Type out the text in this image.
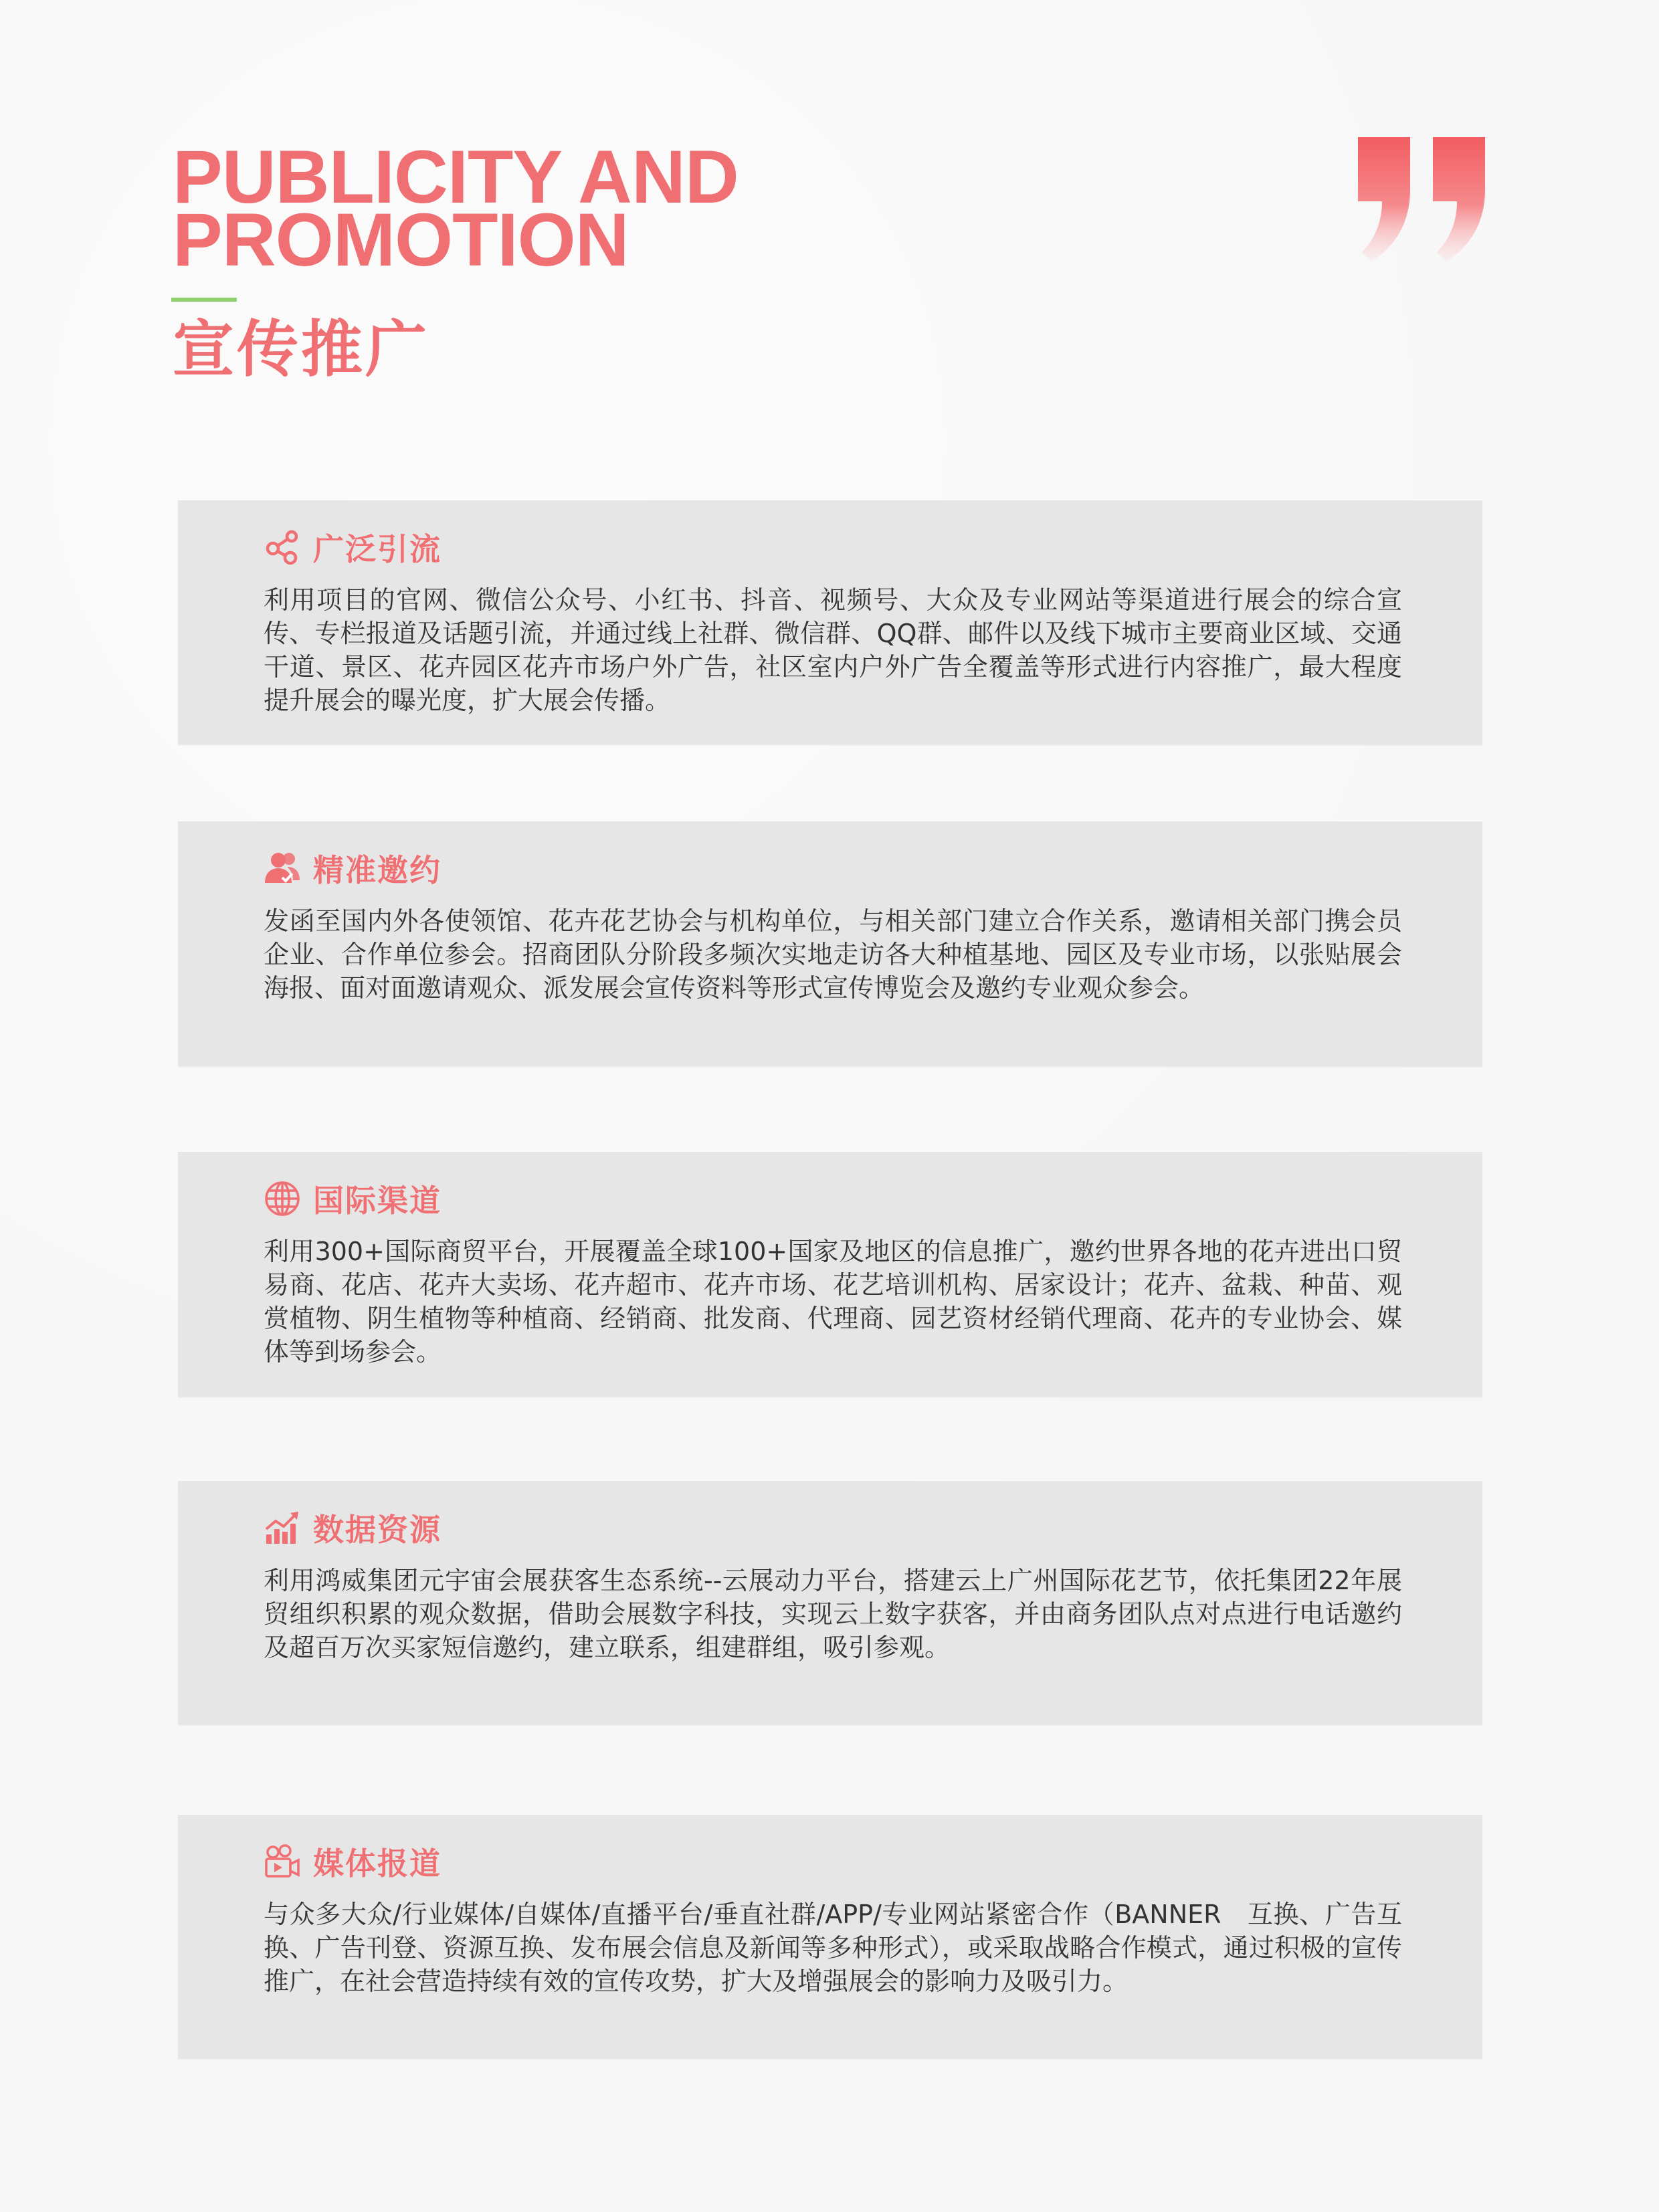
PUBLICITY AND
PROMOTION
宣传推广
广泛引流

利用项目的官网、微信公众号、小红书、抖音、视频号、大众及专业网站等渠道进行展会的综合宣传、专栏报道及话题引流，并通过线上社群、微信群、QQ群、邮件以及线下城市主要商业区域、交通干道、景区、花卉园区花卉市场户外广告，社区室内户外广告全覆盖等形式进行内容推广，最大程度提升展会的曝光度，扩大展会传播。

精准邀约

发函至国内外各使领馆、花卉花艺协会与机构单位，与相关部门建立合作关系，邀请相关部门携会员企业、合作单位参会。招商团队分阶段多频次实地走访各大种植基地、园区及专业市场，以张贴展会海报、面对面邀请观众、派发展会宣传资料等形式宣传博览会及邀约专业观众参会。

国际渠道

利用300+国际商贸平台，开展覆盖全球100+国家及地区的信息推广，邀约世界各地的花卉进出口贸易商、花店、花卉大卖场、花卉超市、花卉市场、花艺培训机构、居家设计；花卉、盆栽、种苗、观赏植物、阴生植物等种植商、经销商、批发商、代理商、园艺资材经销代理商、花卉的专业协会、媒体等到场参会。

数据资源

利用鸿威集团元宇宙会展获客生态系统--云展动力平台，搭建云上广州国际花艺节，依托集团22年展贸组织积累的观众数据，借助会展数字科技，实现云上数字获客，并由商务团队点对点进行电话邀约及超百万次买家短信邀约，建立联系，组建群组，吸引参观。

媒体报道

与众多大众/行业媒体/自媒体/直播平台/垂直社群/APP/专业网站紧密合作（BANNER　互换、广告互换、广告刊登、资源互换、发布展会信息及新闻等多种形式），或采取战略合作模式，通过积极的宣传推广，在社会营造持续有效的宣传攻势，扩大及增强展会的影响力及吸引力。
